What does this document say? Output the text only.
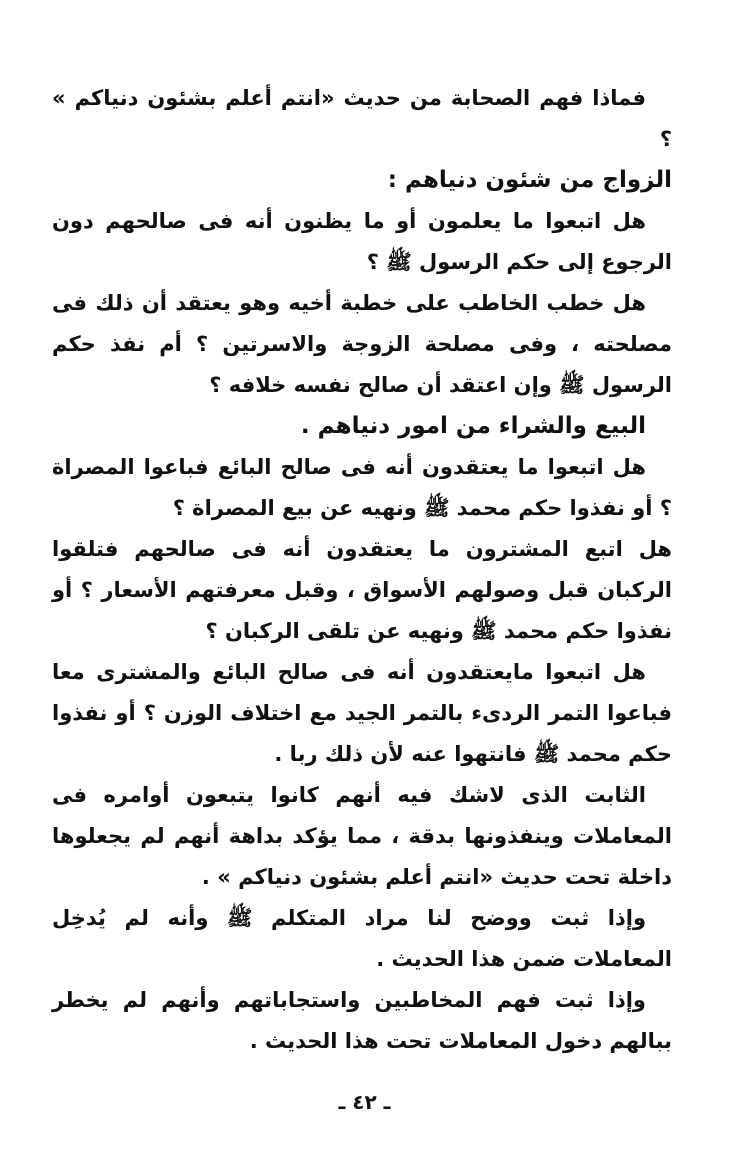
فماذا فهم الصحابة من حديث «انتم أعلم بشئون دنياكم » ؟

الزواج من شئون دنياهم :

هل اتبعوا ما يعلمون أو ما يظنون أنه فى صالحهم دون الرجوع إلى حكم الرسول ﷺ ؟

هل خطب الخاطب على خطبة أخيه وهو يعتقد أن ذلك فى مصلحته ، وفى مصلحة الزوجة والاسرتين ؟ أم نفذ حكم الرسول ﷺ وإن اعتقد أن صالح نفسه خلافه ؟

البيع والشراء من امور دنياهم .

هل اتبعوا ما يعتقدون أنه فى صالح البائع فباعوا المصراة ؟ أو نفذوا حكم محمد ﷺ ونهيه عن بيع المصراة ؟

هل اتبع المشترون ما يعتقدون أنه فى صالحهم فتلقوا الركبان قبل وصولهم الأسواق ، وقبل معرفتهم الأسعار ؟ أو نفذوا حكم محمد ﷺ ونهيه عن تلقى الركبان ؟

هل اتبعوا مايعتقدون أنه فى صالح البائع والمشترى معا فباعوا التمر الردىء بالتمر الجيد مع اختلاف الوزن ؟ أو نفذوا حكم محمد ﷺ فانتهوا عنه لأن ذلك ربا .

الثابت الذى لاشك فيه أنهم كانوا يتبعون أوامره فى المعاملات وينفذونها بدقة ، مما يؤكد بداهة أنهم لم يجعلوها داخلة تحت حديث «انتم أعلم بشئون دنياكم » .

وإذا ثبت ووضح لنا مراد المتكلم ﷺ وأنه لم يُدخِل المعاملات ضمن هذا الحديث .

وإذا ثبت فهم المخاطبين واستجاباتهم وأنهم لم يخطر ببالهم دخول المعاملات تحت هذا الحديث .

ـ ٤٢ ـ
